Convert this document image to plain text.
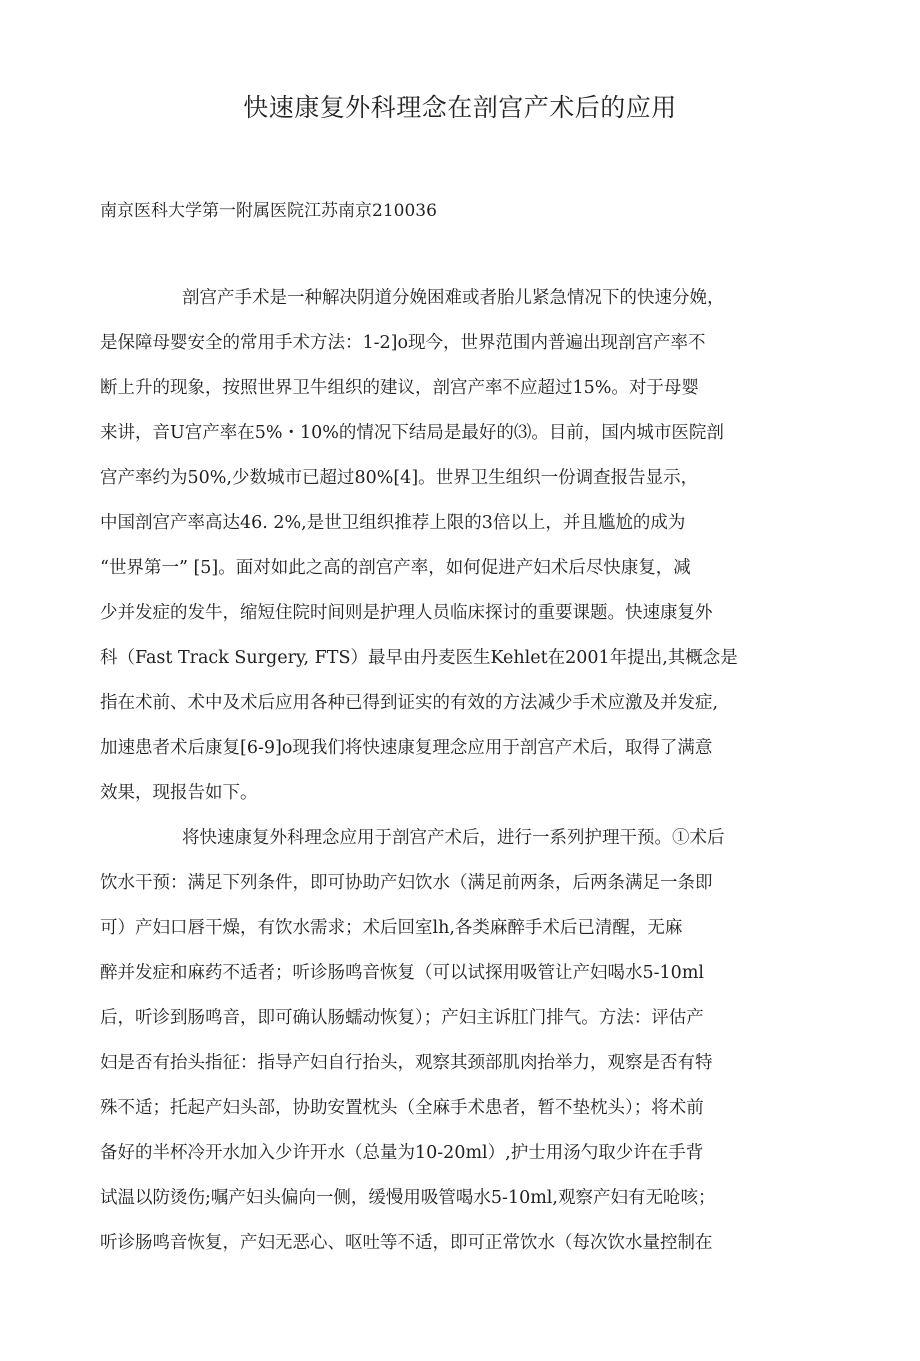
快速康复外科理念在剖宫产术后的应用
南京医科大学第一附属医院江苏南京210036
剖宫产手术是一种解决阴道分娩困难或者胎儿紧急情况下的快速分娩，
是保障母婴安全的常用手术方法：1-2]o现今，世界范围内普遍出现剖宫产率不
断上升的现象，按照世界卫牛组织的建议，剖宫产率不应超过15%。对于母婴
来讲，音U宫产率在5%・10%的情况下结局是最好的⑶。目前，国内城市医院剖
宫产率约为50%,少数城市已超过80%[4]。世界卫生组织一份调查报告显示，
中国剖宫产率高达46. 2%,是世卫组织推荐上限的3倍以上，并且尴尬的成为
“世界第一” [5]。面对如此之高的剖宫产率，如何促进产妇术后尽快康复，减
少并发症的发牛，缩短住院时间则是护理人员临床探讨的重要课题。快速康复外
科（Fast Track Surgery, FTS）最早由丹麦医生Kehlet在2001年提出,其概念是
指在术前、术中及术后应用各种已得到证实的有效的方法减少手术应激及并发症,
加速患者术后康复[6-9]o现我们将快速康复理念应用于剖宫产术后，取得了满意
效果，现报告如下。
将快速康复外科理念应用于剖宫产术后，进行一系列护理干预。①术后
饮水干预：满足下列条件，即可协助产妇饮水（满足前两条，后两条满足一条即
可）产妇口唇干燥，有饮水需求；术后回室lh,各类麻醉手术后已清醒，无麻
醉并发症和麻药不适者；听诊肠鸣音恢复（可以试探用吸管让产妇喝水5-10ml
后，听诊到肠鸣音，即可确认肠蠕动恢复）；产妇主诉肛门排气。方法：评估产
妇是否有抬头指征：指导产妇自行抬头，观察其颈部肌肉抬举力，观察是否有特
殊不适；托起产妇头部，协助安置枕头（全麻手术患者，暂不垫枕头）；将术前
备好的半杯冷开水加入少许开水（总量为10-20ml）,护士用汤勺取少许在手背
试温以防烫伤;嘱产妇头偏向一侧，缓慢用吸管喝水5-10ml,观察产妇有无呛咳；
听诊肠鸣音恢复，产妇无恶心、呕吐等不适，即可正常饮水（每次饮水量控制在
